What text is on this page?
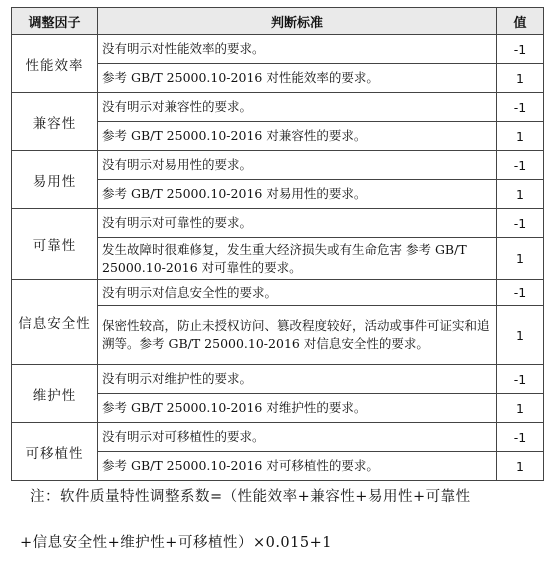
调整因子	判断标准	值
性能效率	没有明示对性能效率的要求。	-1
	参考 GB/T 25000.10-2016 对性能效率的要求。	1
兼容性	没有明示对兼容性的要求。	-1
	参考 GB/T 25000.10-2016 对兼容性的要求。	1
易用性	没有明示对易用性的要求。	-1
	参考 GB/T 25000.10-2016 对易用性的要求。	1
可靠性	没有明示对可靠性的要求。	-1
	发生故障时很难修复，发生重大经济损失或有生命危害 参考 GB/T 25000.10-2016 对可靠性的要求。	1
信息安全性	没有明示对信息安全性的要求。	-1
	保密性较高，防止未授权访问、篡改程度较好，活动或事件可证实和追溯等。参考 GB/T 25000.10-2016 对信息安全性的要求。	1
维护性	没有明示对维护性的要求。	-1
	参考 GB/T 25000.10-2016 对维护性的要求。	1
可移植性	没有明示对可移植性的要求。	-1
	参考 GB/T 25000.10-2016 对可移植性的要求。	1
注：软件质量特性调整系数=（性能效率+兼容性+易用性+可靠性
+信息安全性+维护性+可移植性）×0.015+1
